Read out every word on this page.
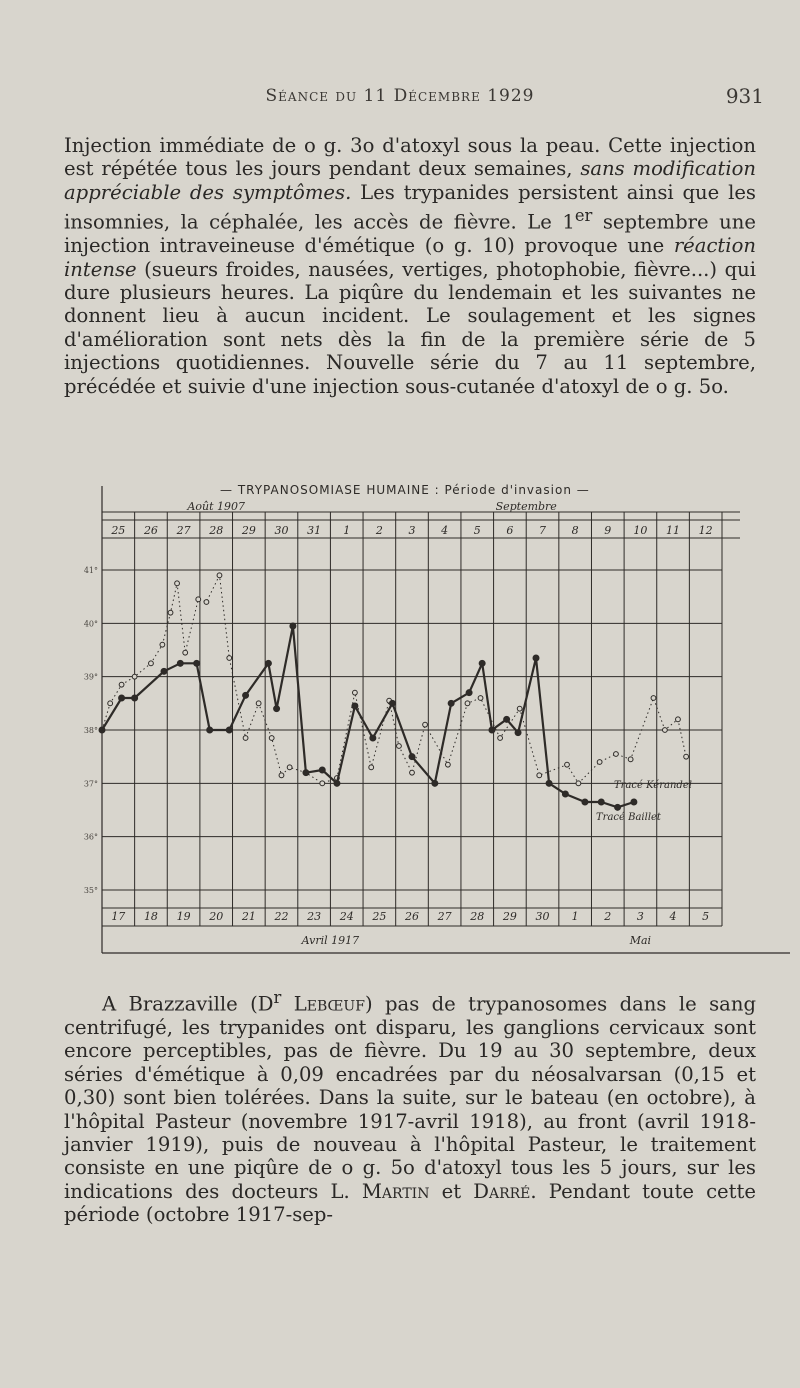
Séance du 11 Décembre 1929	931

Injection immédiate de o g. 3o d'atoxyl sous la peau. Cette injection est répétée tous les jours pendant deux semaines, sans modification appréciable des symptômes. Les trypanides persistent ainsi que les insomnies, la céphalée, les accès de fièvre. Le 1er septembre une injection intraveineuse d'émétique (o g. 10) provoque une réaction intense (sueurs froides, nausées, vertiges, photophobie, fièvre...) qui dure plusieurs heures. La piqûre du lendemain et les suivantes ne donnent lieu à aucun incident. Le soulagement et les signes d'amélioration sont nets dès la fin de la première série de 5 injections quotidiennes. Nouvelle série du 7 au 11 septembre, précédée et suivie d'une injection sous-cutanée d'atoxyl de o g. 5o.

— TRYPANOSOMIASE HUMAINE : Période d'invasion —
Août 1907	Septembre
25 26 27 28 29 30 31 1 2 3 4 5 6 7 8 9 10 11 12
41°
40°
39°
38°
37°
36°
35°
17 18 19 20 21 22 23 24 25 26 27 28 29 30 1 2 3 4 5
Avril 1917	Mai
Tracé Kérandel
Tracé Baillet

A Brazzaville ($D^r$ Lebœuf) pas de trypanosomes dans le sang centrifugé, les trypanides ont disparu, les ganglions cervicaux sont encore perceptibles, pas de fièvre. Du 19 au 30 septembre, deux séries d'émétique à 0,09 encadrées par du néosalvarsan (0,15 et 0,30) sont bien tolérées. Dans la suite, sur le bateau (en octobre), à l'hôpital Pasteur (novembre 1917-avril 1918), au front (avril 1918-janvier 1919), puis de nouveau à l'hôpital Pasteur, le traitement consiste en une piqûre de o g. 5o d'atoxyl tous les 5 jours, sur les indications des docteurs L. Martin et Darré. Pendant toute cette période (octobre 1917-sep-
